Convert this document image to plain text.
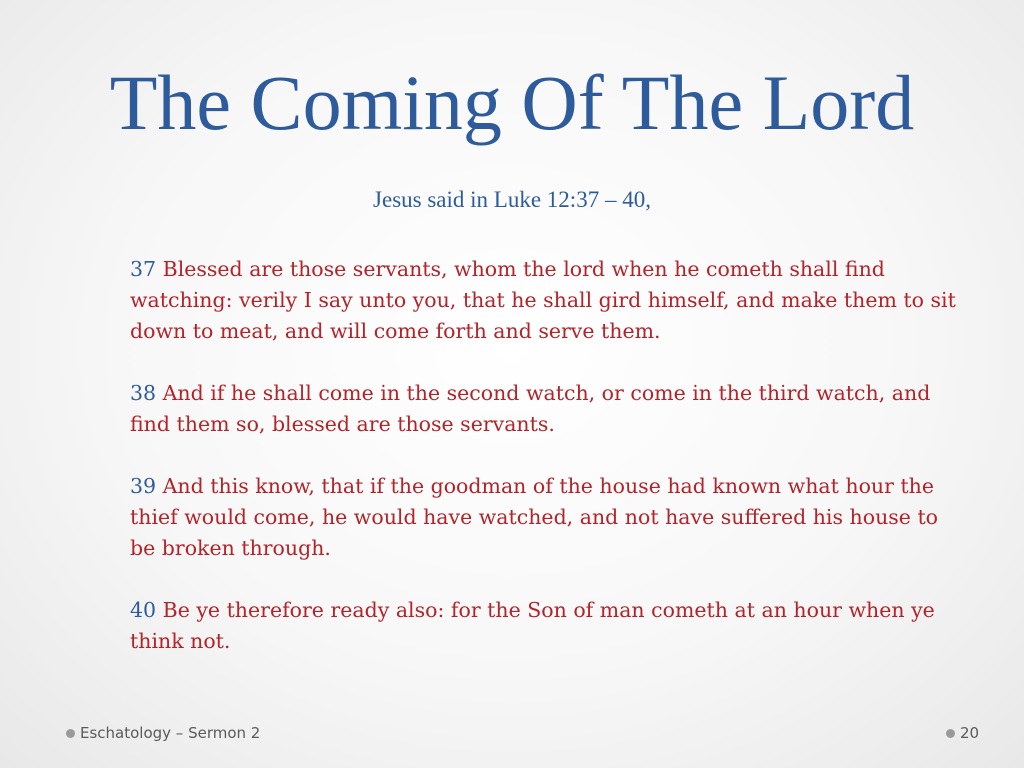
The Coming Of The Lord
Jesus said in Luke 12:37 – 40,

37 Blessed are those servants, whom the lord when he cometh shall find watching: verily I say unto you, that he shall gird himself, and make them to sit down to meat, and will come forth and serve them.

38 And if he shall come in the second watch, or come in the third watch, and find them so, blessed are those servants.

39 And this know, that if the goodman of the house had known what hour the thief would come, he would have watched, and not have suffered his house to be broken through.

40 Be ye therefore ready also: for the Son of man cometh at an hour when ye think not.

Eschatology – Sermon 2	20
